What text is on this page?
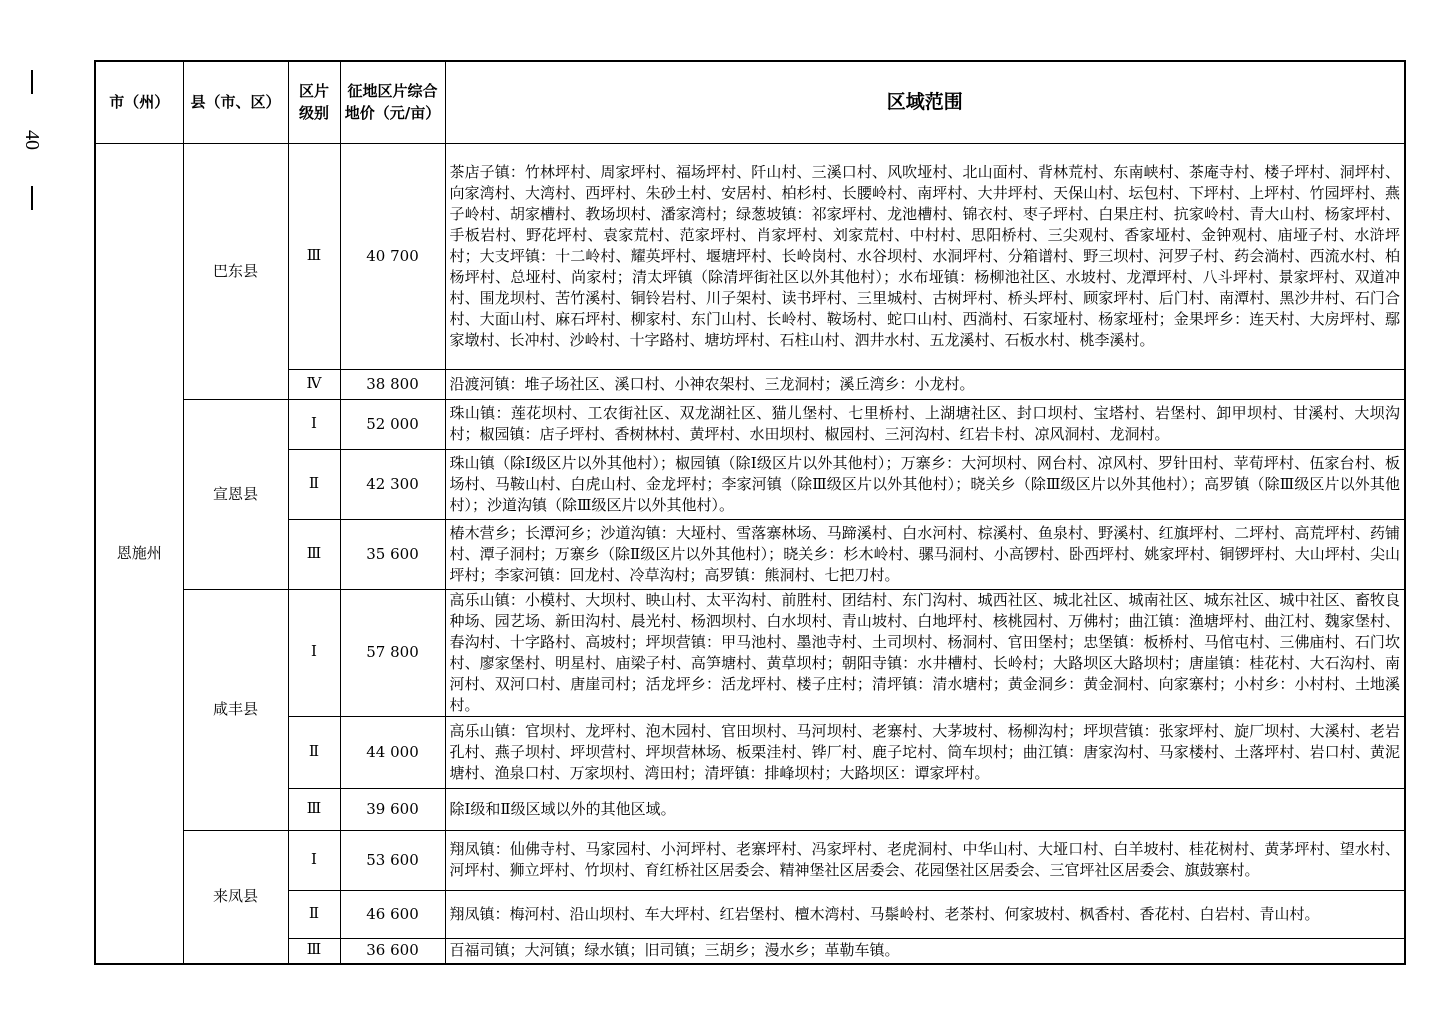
40
市（州）	县（市、区）	区片级别	征地区片综合地价（元/亩）	区域范围
恩施州	巴东县	Ⅲ	40 700	茶店子镇：竹林坪村、周家坪村、福场坪村、阡山村、三溪口村、风吹垭村、北山面村、背林荒村、东南峡村、茶庵寺村、楼子坪村、洞坪村、向家湾村、大湾村、西坪村、朱砂土村、安居村、柏杉村、长腰岭村、南坪村、大井坪村、天保山村、坛包村、下坪村、上坪村、竹园坪村、燕子岭村、胡家槽村、教场坝村、潘家湾村；绿葱坡镇：祁家坪村、龙池槽村、锦衣村、枣子坪村、白果庄村、抗家岭村、青大山村、杨家坪村、手板岩村、野花坪村、袁家荒村、范家坪村、肖家坪村、刘家荒村、中村村、思阳桥村、三尖观村、香家垭村、金钟观村、庙垭子村、水浒坪村；大支坪镇：十二岭村、耀英坪村、堰塘坪村、长岭岗村、水谷坝村、水洞坪村、分箱谱村、野三坝村、河罗子村、药会淌村、西流水村、柏杨坪村、总垭村、尚家村；清太坪镇（除清坪街社区以外其他村）；水布垭镇：杨柳池社区、水坡村、龙潭坪村、八斗坪村、景家坪村、双道冲村、围龙坝村、苦竹溪村、铜铃岩村、川子架村、读书坪村、三里城村、古树坪村、桥头坪村、顾家坪村、后门村、南潭村、黑沙井村、石门合村、大面山村、麻石坪村、柳家村、东门山村、长岭村、鞍场村、蛇口山村、西淌村、石家垭村、杨家垭村；金果坪乡：连天村、大房坪村、鄢家墩村、长冲村、沙岭村、十字路村、塘坊坪村、石柱山村、泗井水村、五龙溪村、石板水村、桃李溪村。
		Ⅳ	38 800	沿渡河镇：堆子场社区、溪口村、小神农架村、三龙洞村；溪丘湾乡：小龙村。
	宣恩县	Ⅰ	52 000	珠山镇：莲花坝村、工农街社区、双龙湖社区、猫儿堡村、七里桥村、上湖塘社区、封口坝村、宝塔村、岩堡村、卸甲坝村、甘溪村、大坝沟村；椒园镇：店子坪村、香树林村、黄坪村、水田坝村、椒园村、三河沟村、红岩卡村、凉风洞村、龙洞村。
		Ⅱ	42 300	珠山镇（除Ⅰ级区片以外其他村）；椒园镇（除Ⅰ级区片以外其他村）；万寨乡：大河坝村、网台村、凉风村、罗针田村、苹荀坪村、伍家台村、板场村、马鞍山村、白虎山村、金龙坪村；李家河镇（除Ⅲ级区片以外其他村）；晓关乡（除Ⅲ级区片以外其他村）；高罗镇（除Ⅲ级区片以外其他村）；沙道沟镇（除Ⅲ级区片以外其他村）。
		Ⅲ	35 600	椿木营乡；长潭河乡；沙道沟镇：大垭村、雪落寨林场、马蹄溪村、白水河村、棕溪村、鱼泉村、野溪村、红旗坪村、二坪村、高荒坪村、药铺村、潭子洞村；万寨乡（除Ⅱ级区片以外其他村）；晓关乡：杉木岭村、骡马洞村、小高锣村、卧西坪村、姚家坪村、铜锣坪村、大山坪村、尖山坪村；李家河镇：回龙村、冷草沟村；高罗镇：熊洞村、七把刀村。
	咸丰县	Ⅰ	57 800	高乐山镇：小模村、大坝村、映山村、太平沟村、前胜村、团结村、东门沟村、城西社区、城北社区、城南社区、城东社区、城中社区、畜牧良种场、园艺场、新田沟村、晨光村、杨泗坝村、白水坝村、青山坡村、白地坪村、核桃园村、万佛村；曲江镇：渔塘坪村、曲江村、魏家堡村、春沟村、十字路村、高坡村；坪坝营镇：甲马池村、墨池寺村、土司坝村、杨洞村、官田堡村；忠堡镇：板桥村、马倌屯村、三佛庙村、石门坎村、廖家堡村、明星村、庙梁子村、高笋塘村、黄草坝村；朝阳寺镇：水井槽村、长岭村；大路坝区大路坝村；唐崖镇：桂花村、大石沟村、南河村、双河口村、唐崖司村；活龙坪乡：活龙坪村、楼子庄村；清坪镇：清水塘村；黄金洞乡：黄金洞村、向家寨村；小村乡：小村村、土地溪村。
		Ⅱ	44 000	高乐山镇：官坝村、龙坪村、泡木园村、官田坝村、马河坝村、老寨村、大茅坡村、杨柳沟村；坪坝营镇：张家坪村、旋厂坝村、大溪村、老岩孔村、燕子坝村、坪坝营村、坪坝营林场、板栗洼村、铧厂村、鹿子坨村、筒车坝村；曲江镇：唐家沟村、马家楼村、土落坪村、岩口村、黄泥塘村、渔泉口村、万家坝村、湾田村；清坪镇：排峰坝村；大路坝区：谭家坪村。
		Ⅲ	39 600	除Ⅰ级和Ⅱ级区域以外的其他区域。
	来凤县	Ⅰ	53 600	翔凤镇：仙佛寺村、马家园村、小河坪村、老寨坪村、冯家坪村、老虎洞村、中华山村、大垭口村、白羊坡村、桂花树村、黄茅坪村、望水村、河坪村、狮立坪村、竹坝村、育红桥社区居委会、精神堡社区居委会、花园堡社区居委会、三官坪社区居委会、旗鼓寨村。
		Ⅱ	46 600	翔凤镇：梅河村、沿山坝村、车大坪村、红岩堡村、檀木湾村、马鬃岭村、老茶村、何家坡村、枫香村、香花村、白岩村、青山村。
		Ⅲ	36 600	百福司镇；大河镇；绿水镇；旧司镇；三胡乡；漫水乡；革勒车镇。
